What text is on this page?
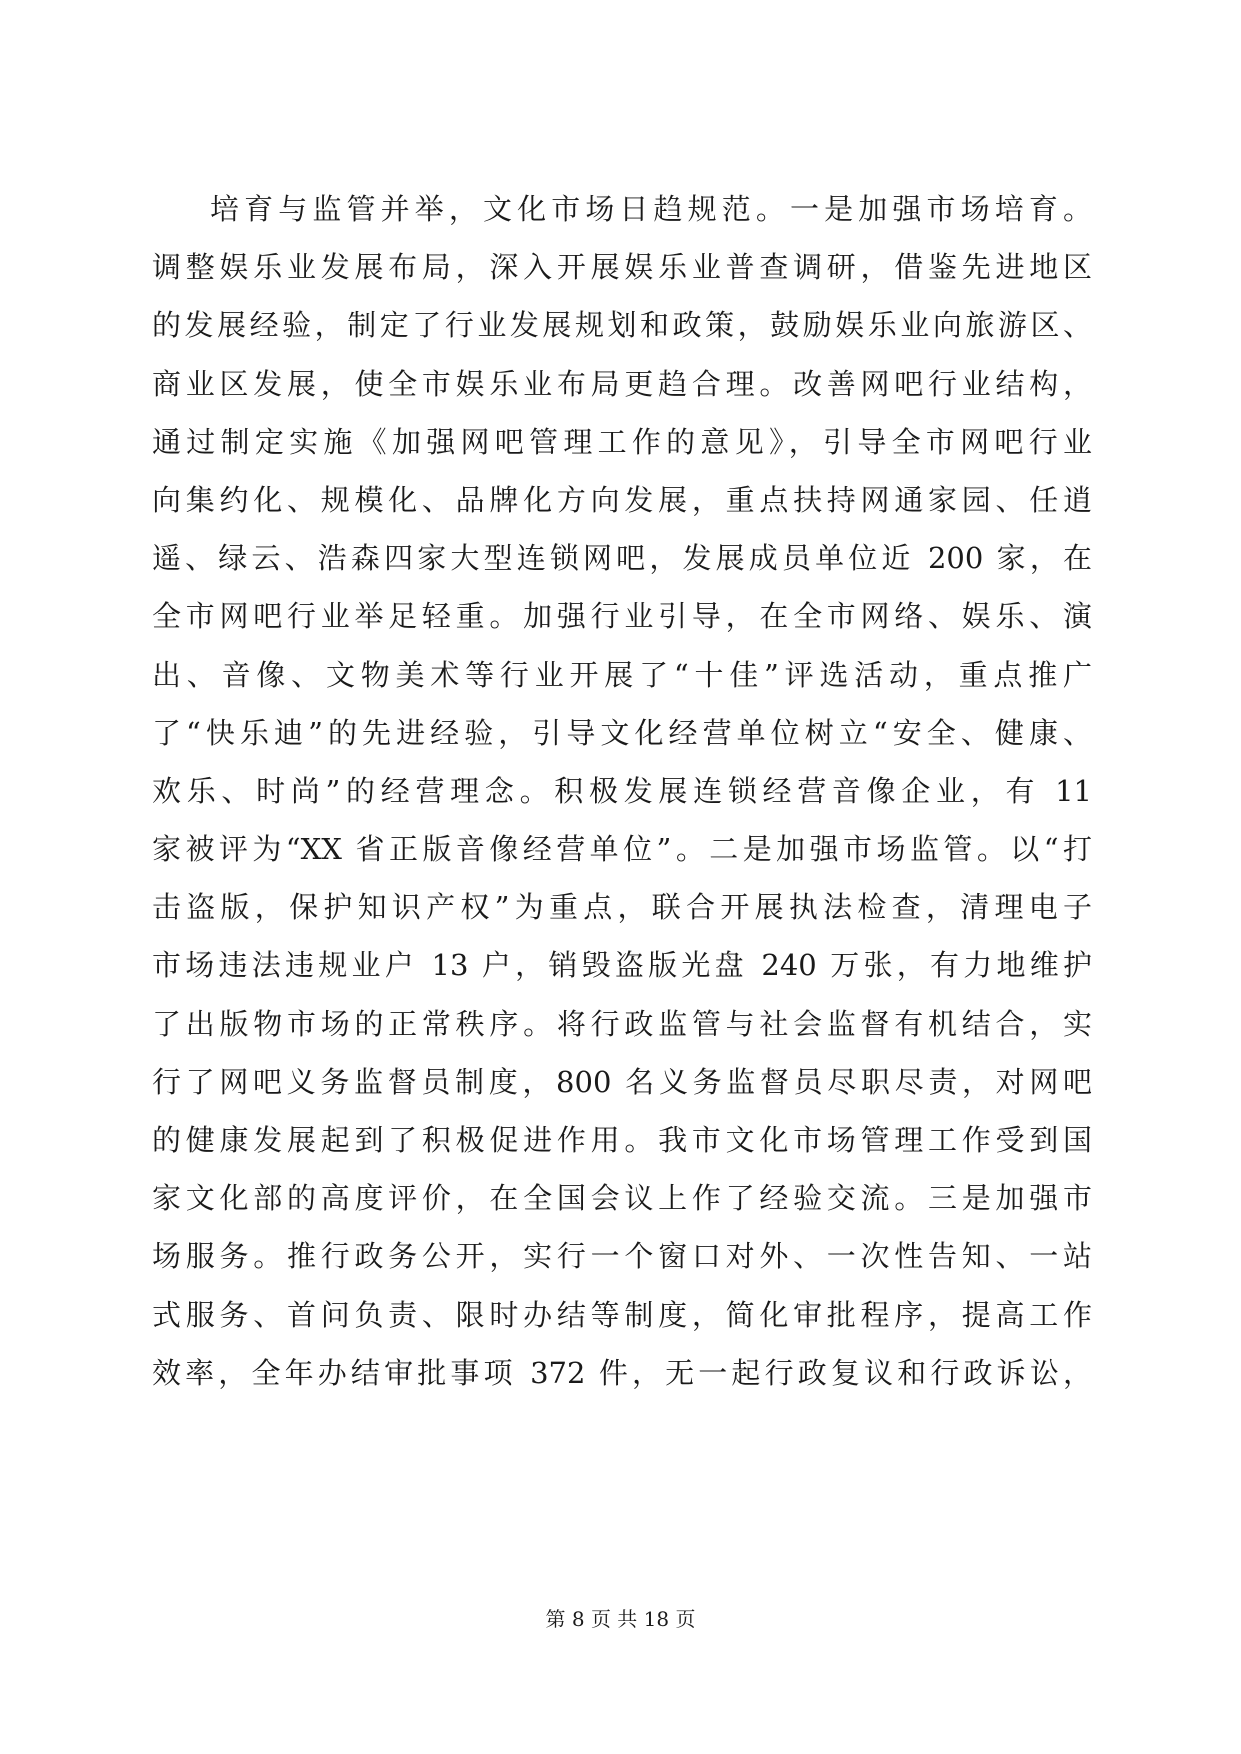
培育与监管并举，文化市场日趋规范。一是加强市场培育。
调整娱乐业发展布局，深入开展娱乐业普查调研，借鉴先进地区
的发展经验，制定了行业发展规划和政策，鼓励娱乐业向旅游区、
商业区发展，使全市娱乐业布局更趋合理。改善网吧行业结构，
通过制定实施《加强网吧管理工作的意见》，引导全市网吧行业
向集约化、规模化、品牌化方向发展，重点扶持网通家园、任逍
遥、绿云、浩森四家大型连锁网吧，发展成员单位近 200 家，在
全市网吧行业举足轻重。加强行业引导，在全市网络、娱乐、演
出、音像、文物美术等行业开展了“十佳”评选活动，重点推广
了“快乐迪”的先进经验，引导文化经营单位树立“安全、健康、
欢乐、时尚”的经营理念。积极发展连锁经营音像企业，有 11
家被评为“XX 省正版音像经营单位”。二是加强市场监管。以“打
击盗版，保护知识产权”为重点，联合开展执法检查，清理电子
市场违法违规业户 13 户，销毁盗版光盘 240 万张，有力地维护
了出版物市场的正常秩序。将行政监管与社会监督有机结合，实
行了网吧义务监督员制度，800 名义务监督员尽职尽责，对网吧
的健康发展起到了积极促进作用。我市文化市场管理工作受到国
家文化部的高度评价，在全国会议上作了经验交流。三是加强市
场服务。推行政务公开，实行一个窗口对外、一次性告知、一站
式服务、首问负责、限时办结等制度，简化审批程序，提高工作
效率，全年办结审批事项 372 件，无一起行政复议和行政诉讼，
第 8 页 共 18 页
